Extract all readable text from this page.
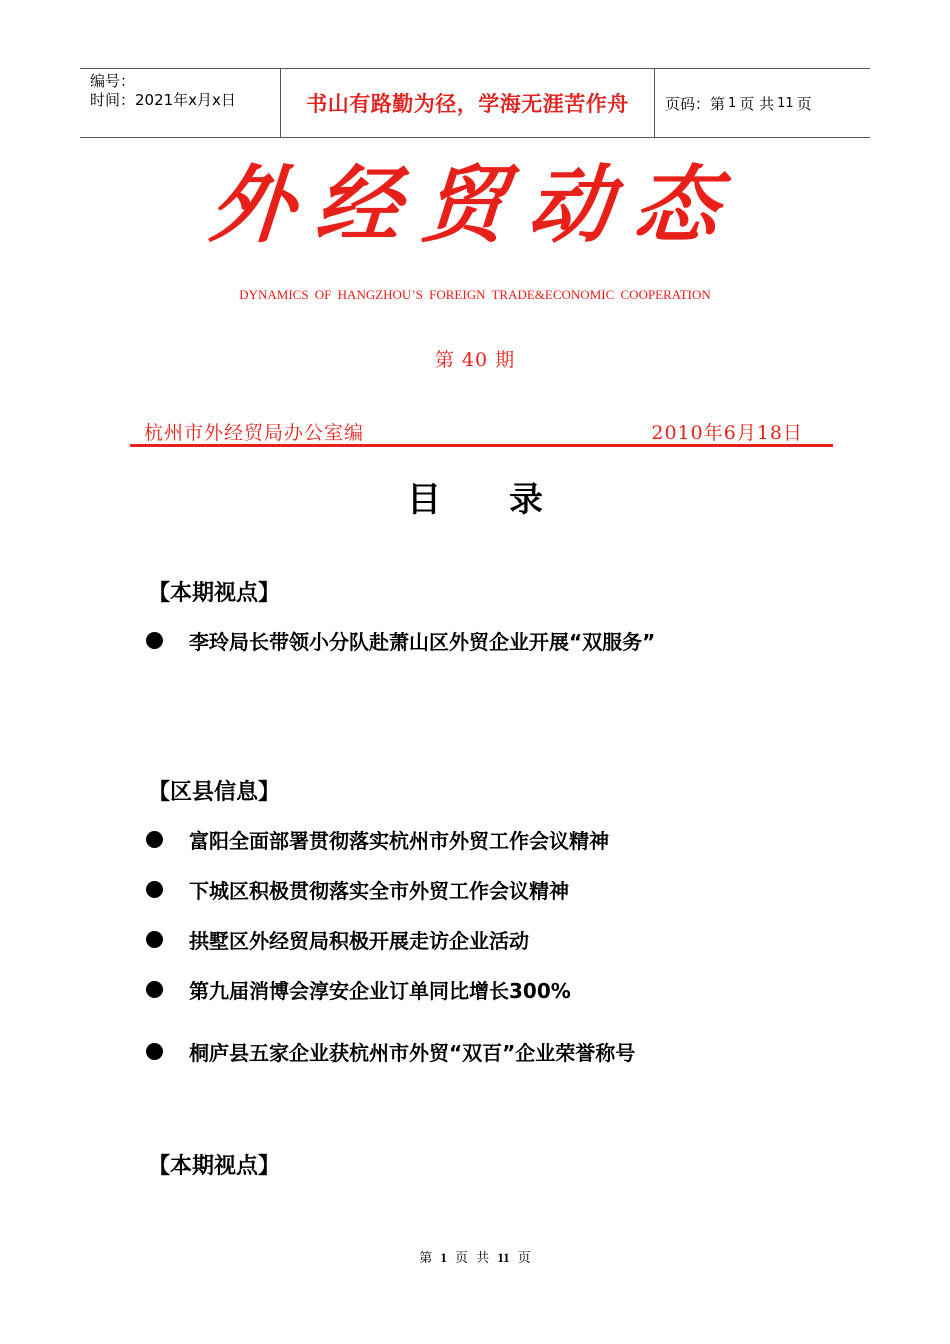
编号：
时间：2021年x月x日	书山有路勤为径，学海无涯苦作舟 页码：第 1 页 共 11 页
外经贸动态
DYNAMICS OF HANGZHOU’S FOREIGN TRADE&ECONOMIC COOPERATION
第 40 期
杭州市外经贸局办公室编	2010年6月18日
目录
【本期视点】
李玲局长带领小分队赴萧山区外贸企业开展“双服务”
【区县信息】
富阳全面部署贯彻落实杭州市外贸工作会议精神
下城区积极贯彻落实全市外贸工作会议精神
拱墅区外经贸局积极开展走访企业活动
第九届消博会淳安企业订单同比增长300%
桐庐县五家企业获杭州市外贸“双百”企业荣誉称号
【本期视点】
第 1 页 共 11 页
